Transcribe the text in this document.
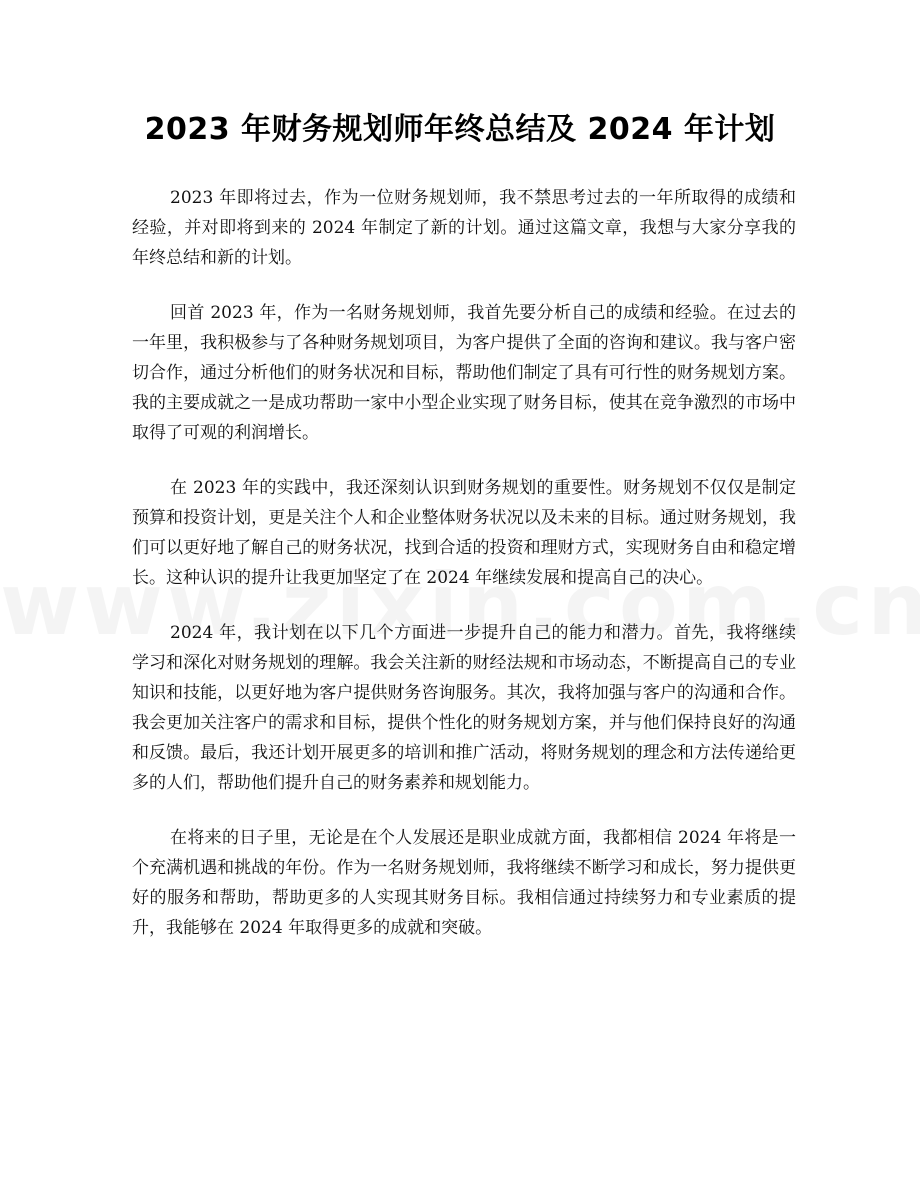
2023 年财务规划师年终总结及 2024 年计划

2023 年即将过去，作为一位财务规划师，我不禁思考过去的一年所取得的成绩和经验，并对即将到来的 2024 年制定了新的计划。通过这篇文章，我想与大家分享我的年终总结和新的计划。

回首 2023 年，作为一名财务规划师，我首先要分析自己的成绩和经验。在过去的一年里，我积极参与了各种财务规划项目，为客户提供了全面的咨询和建议。我与客户密切合作，通过分析他们的财务状况和目标，帮助他们制定了具有可行性的财务规划方案。我的主要成就之一是成功帮助一家中小型企业实现了财务目标，使其在竞争激烈的市场中取得了可观的利润增长。

在 2023 年的实践中，我还深刻认识到财务规划的重要性。财务规划不仅仅是制定预算和投资计划，更是关注个人和企业整体财务状况以及未来的目标。通过财务规划，我们可以更好地了解自己的财务状况，找到合适的投资和理财方式，实现财务自由和稳定增长。这种认识的提升让我更加坚定了在 2024 年继续发展和提高自己的决心。

2024 年，我计划在以下几个方面进一步提升自己的能力和潜力。首先，我将继续学习和深化对财务规划的理解。我会关注新的财经法规和市场动态，不断提高自己的专业知识和技能，以更好地为客户提供财务咨询服务。其次，我将加强与客户的沟通和合作。我会更加关注客户的需求和目标，提供个性化的财务规划方案，并与他们保持良好的沟通和反馈。最后，我还计划开展更多的培训和推广活动，将财务规划的理念和方法传递给更多的人们，帮助他们提升自己的财务素养和规划能力。

在将来的日子里，无论是在个人发展还是职业成就方面，我都相信 2024 年将是一个充满机遇和挑战的年份。作为一名财务规划师，我将继续不断学习和成长，努力提供更好的服务和帮助，帮助更多的人实现其财务目标。我相信通过持续努力和专业素质的提升，我能够在 2024 年取得更多的成就和突破。
